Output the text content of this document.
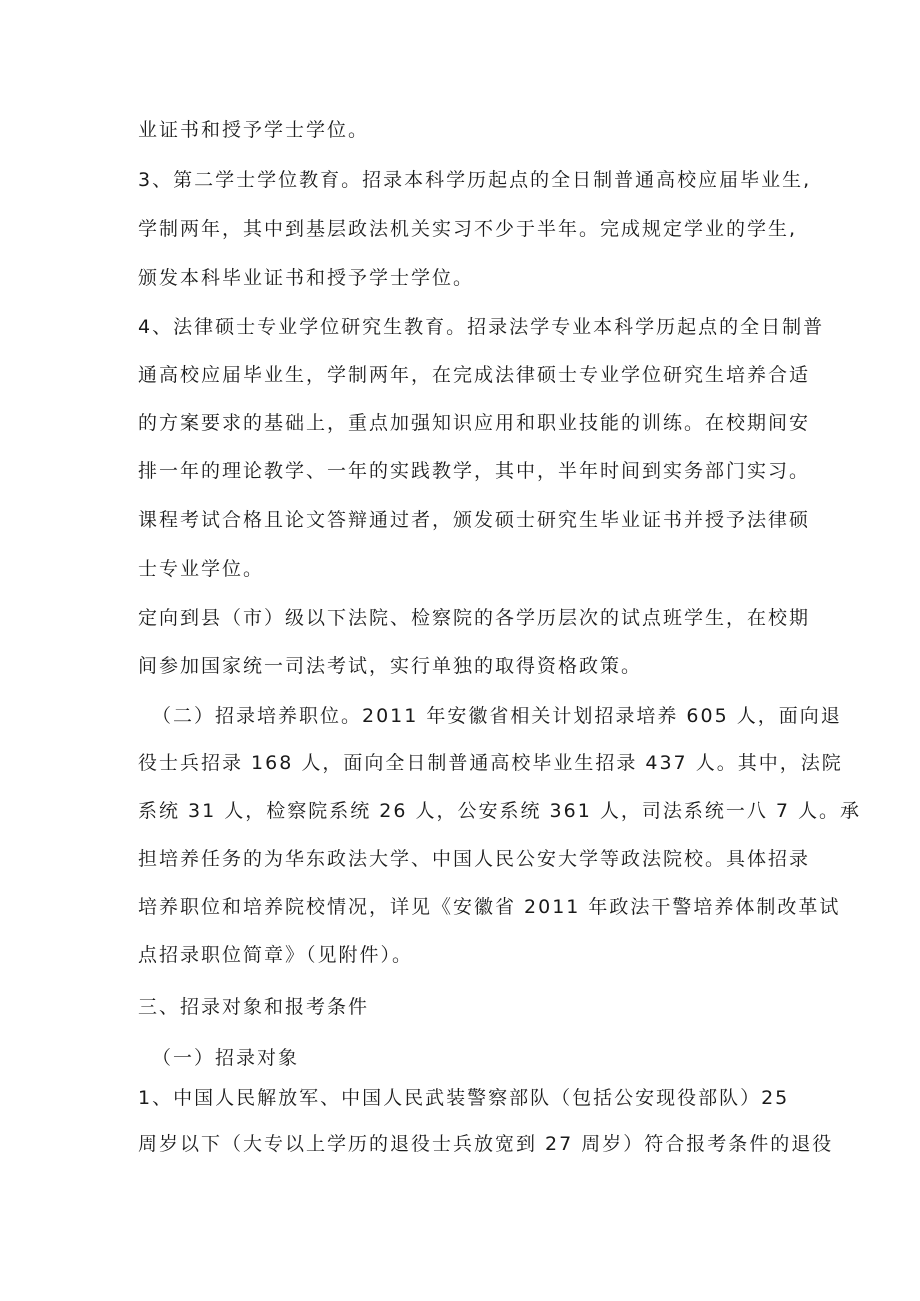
业证书和授予学士学位。
3、第二学士学位教育。招录本科学历起点的全日制普通高校应届毕业生,
学制两年，其中到基层政法机关实习不少于半年。完成规定学业的学生,
颁发本科毕业证书和授予学士学位。
4、法律硕士专业学位研究生教育。招录法学专业本科学历起点的全日制普
通高校应届毕业生，学制两年，在完成法律硕士专业学位研究生培养合适
的方案要求的基础上，重点加强知识应用和职业技能的训练。在校期间安
排一年的理论教学、一年的实践教学，其中，半年时间到实务部门实习。
课程考试合格且论文答辩通过者，颁发硕士研究生毕业证书并授予法律硕
士专业学位。
定向到县（市）级以下法院、检察院的各学历层次的试点班学生，在校期
间参加国家统一司法考试，实行单独的取得资格政策。
（二）招录培养职位。2011 年安徽省相关计划招录培养 605 人，面向退
役士兵招录 168 人，面向全日制普通高校毕业生招录 437 人。其中，法院
系统 31 人，检察院系统 26 人，公安系统 361 人，司法系统一八 7 人。承
担培养任务的为华东政法大学、中国人民公安大学等政法院校。具体招录
培养职位和培养院校情况，详见《安徽省 2011 年政法干警培养体制改革试
点招录职位简章》（见附件）。
三、招录对象和报考条件
（一）招录对象
1、中国人民解放军、中国人民武装警察部队（包括公安现役部队）25
周岁以下（大专以上学历的退役士兵放宽到 27 周岁）符合报考条件的退役
